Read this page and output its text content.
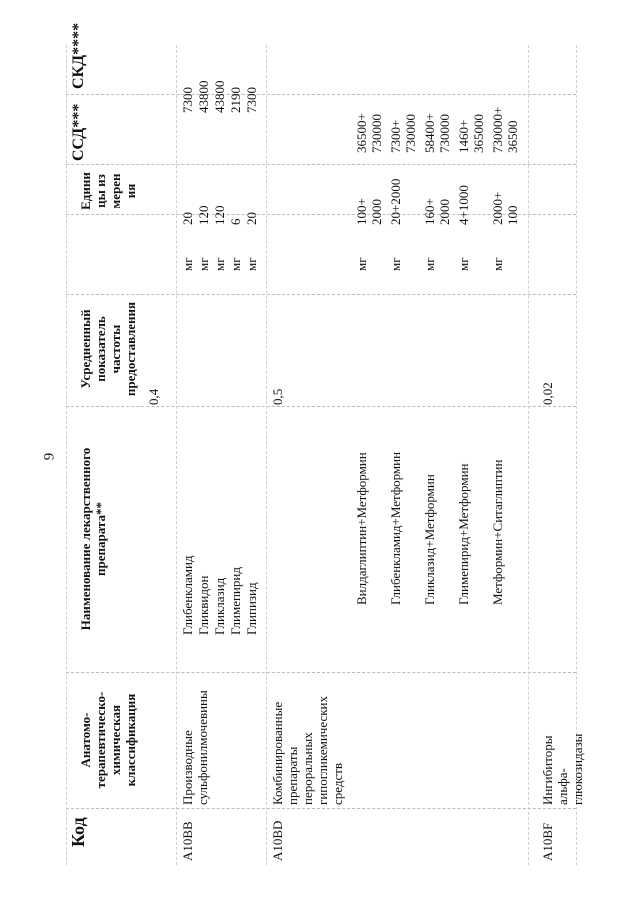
9
Код
Анатомо-терапевтическо-химическая классификация
Наименование лекарственного препарата**
Усредненный показатель частоты предоставления
Единицы измерения
ССД***
СКД****
A10BB
Производные сульфонилмочевины
0,4
Глибенкламид Гликвидон Гликлазид Глимепирид Глипизид
мг мг мг мг мг
20 120 120 6 20
7300 43800 43800 2190 7300
A10BD
Комбинированные препараты пероральных гипогликемических средств
0,5
Вилдаглиптин+Метформин Глибенкламид+Метформин Гликлазид+Метформин Глимепирид+Метформин Метформин+Ситаглиптин
мг мг мг мг мг
100+ 2000 20+2000 160+ 2000 4+1000 2000+ 100
36500+ 730000 7300+ 730000 58400+ 730000 1460+ 365000 730000+ 36500
A10BF
Ингибиторы альфа-глюкозидазы
0,02
